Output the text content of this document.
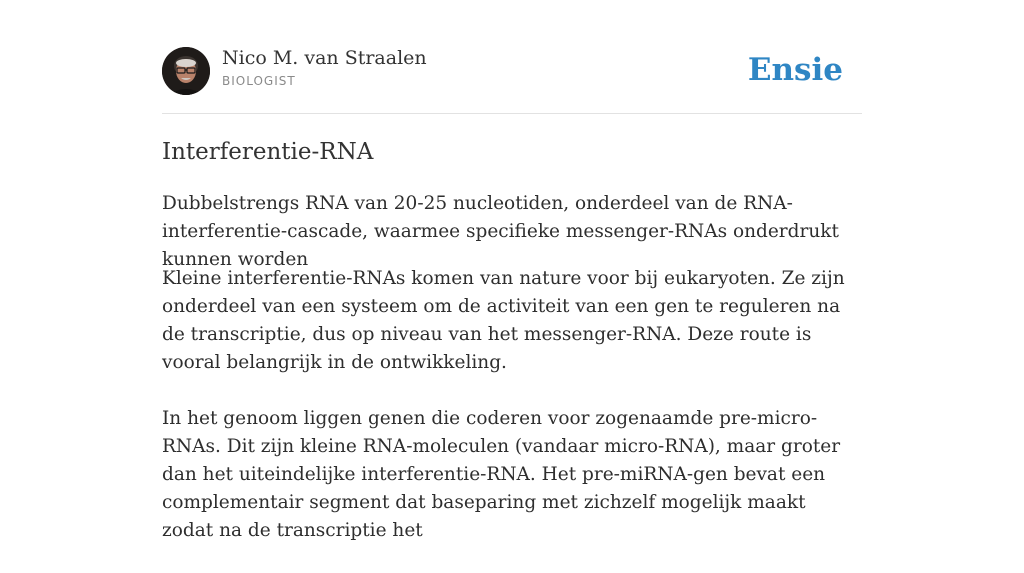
Nico M. van Straalen
BIOLOGIST	Ensie
Interferentie-RNA

Dubbelstrengs RNA van 20-25 nucleotiden, onderdeel van de RNA-interferentie-cascade, waarmee specifieke messenger-RNAs onderdrukt kunnen worden

Kleine interferentie-RNAs komen van nature voor bij eukaryoten. Ze zijn onderdeel van een systeem om de activiteit van een gen te reguleren na de transcriptie, dus op niveau van het messenger-RNA. Deze route is vooral belangrijk in de ontwikkeling.

In het genoom liggen genen die coderen voor zogenaamde pre-micro-RNAs. Dit zijn kleine RNA-moleculen (vandaar micro-RNA), maar groter dan het uiteindelijke interferentie-RNA. Het pre-miRNA-gen bevat een complementair segment dat baseparing met zichzelf mogelijk maakt zodat na de transcriptie het
